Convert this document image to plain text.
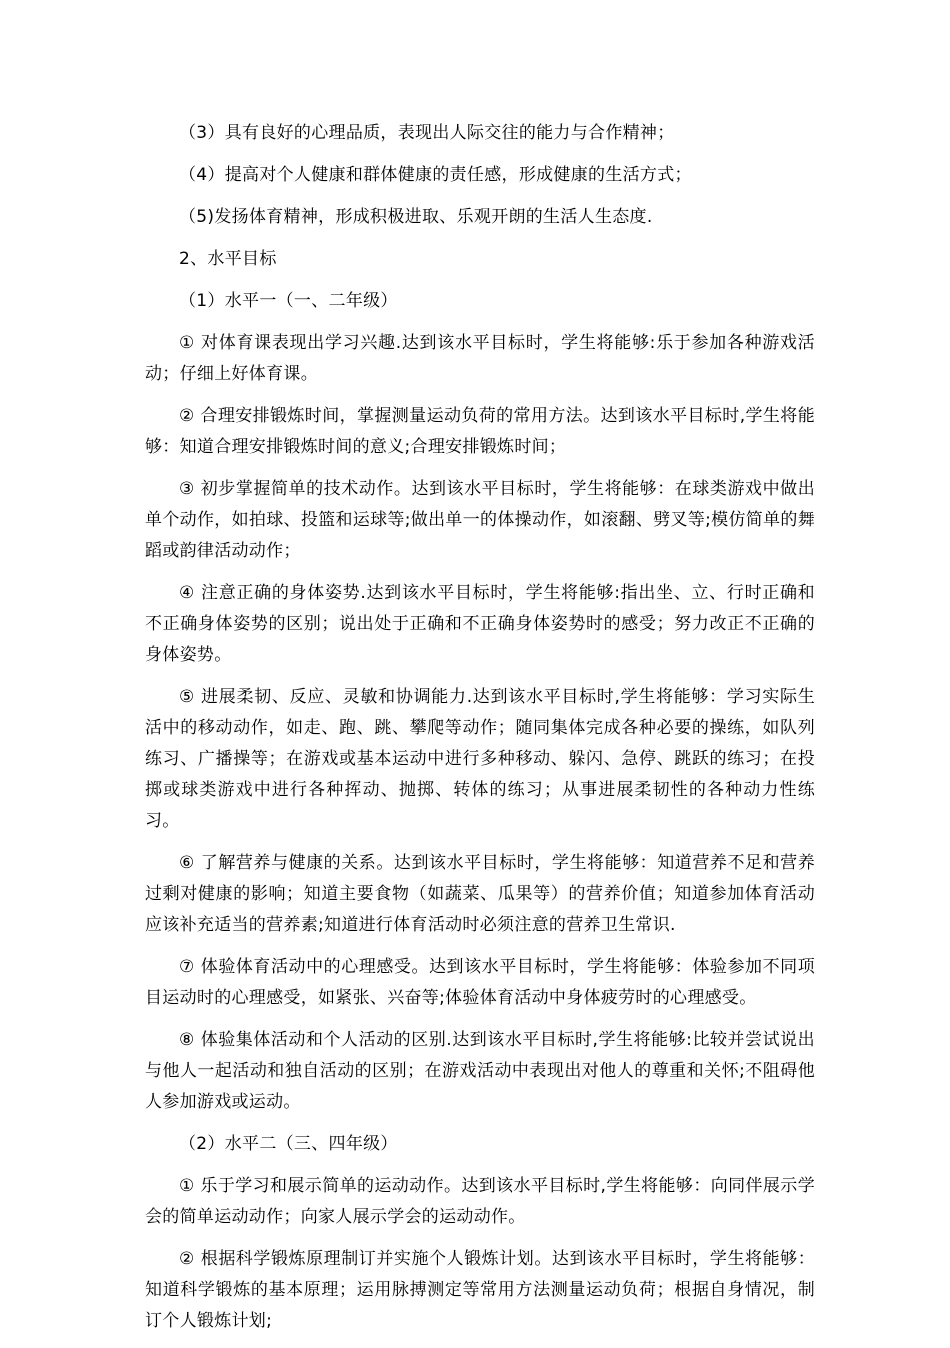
（3）具有良好的心理品质，表现出人际交往的能力与合作精神；

（4）提高对个人健康和群体健康的责任感，形成健康的生活方式；

（5)发扬体育精神，形成积极进取、乐观开朗的生活人生态度.

2、水平目标

（1）水平一（一、二年级）

① 对体育课表现出学习兴趣.达到该水平目标时，学生将能够:乐于参加各种游戏活动；仔细上好体育课。

② 合理安排锻炼时间，掌握测量运动负荷的常用方法。达到该水平目标时,学生将能够：知道合理安排锻炼时间的意义;合理安排锻炼时间；

③ 初步掌握简单的技术动作。达到该水平目标时，学生将能够：在球类游戏中做出单个动作，如拍球、投篮和运球等;做出单一的体操动作，如滚翻、劈叉等;模仿简单的舞蹈或韵律活动动作；

④ 注意正确的身体姿势.达到该水平目标时，学生将能够:指出坐、立、行时正确和不正确身体姿势的区别；说出处于正确和不正确身体姿势时的感受；努力改正不正确的身体姿势。

⑤ 进展柔韧、反应、灵敏和协调能力.达到该水平目标时,学生将能够：学习实际生活中的移动动作，如走、跑、跳、攀爬等动作；随同集体完成各种必要的操练，如队列练习、广播操等；在游戏或基本运动中进行多种移动、躲闪、急停、跳跃的练习；在投掷或球类游戏中进行各种挥动、抛掷、转体的练习；从事进展柔韧性的各种动力性练习。

⑥ 了解营养与健康的关系。达到该水平目标时，学生将能够：知道营养不足和营养过剩对健康的影响；知道主要食物（如蔬菜、瓜果等）的营养价值；知道参加体育活动应该补充适当的营养素;知道进行体育活动时必须注意的营养卫生常识.

⑦ 体验体育活动中的心理感受。达到该水平目标时，学生将能够：体验参加不同项目运动时的心理感受，如紧张、兴奋等;体验体育活动中身体疲劳时的心理感受。

⑧ 体验集体活动和个人活动的区别.达到该水平目标时,学生将能够:比较并尝试说出与他人一起活动和独自活动的区别；在游戏活动中表现出对他人的尊重和关怀;不阻碍他人参加游戏或运动。

（2）水平二（三、四年级）

① 乐于学习和展示简单的运动动作。达到该水平目标时,学生将能够：向同伴展示学会的简单运动动作；向家人展示学会的运动动作。

② 根据科学锻炼原理制订并实施个人锻炼计划。达到该水平目标时，学生将能够：知道科学锻炼的基本原理；运用脉搏测定等常用方法测量运动负荷；根据自身情况，制订个人锻炼计划;
